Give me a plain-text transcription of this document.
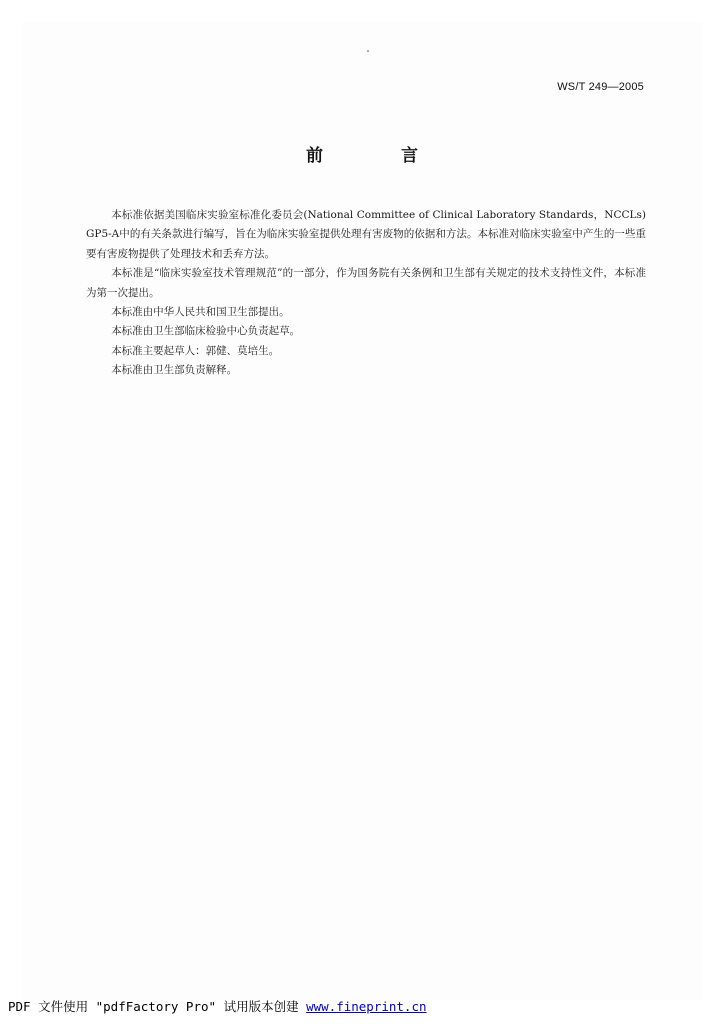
WS/T 249—2005
前 言

本标准依据美国临床实验室标准化委员会(National Committee of Clinical Laboratory Standards，NCCLs)GP5-A中的有关条款进行编写，旨在为临床实验室提供处理有害废物的依据和方法。本标准对临床实验室中产生的一些重要有害废物提供了处理技术和丢弃方法。

本标准是“临床实验室技术管理规范”的一部分，作为国务院有关条例和卫生部有关规定的技术支持性文件，本标准为第一次提出。

本标准由中华人民共和国卫生部提出。

本标准由卫生部临床检验中心负责起草。

本标准主要起草人：郭健、莫培生。

本标准由卫生部负责解释。

PDF 文件使用 "pdfFactory Pro" 试用版本创建 www.fineprint.cn
